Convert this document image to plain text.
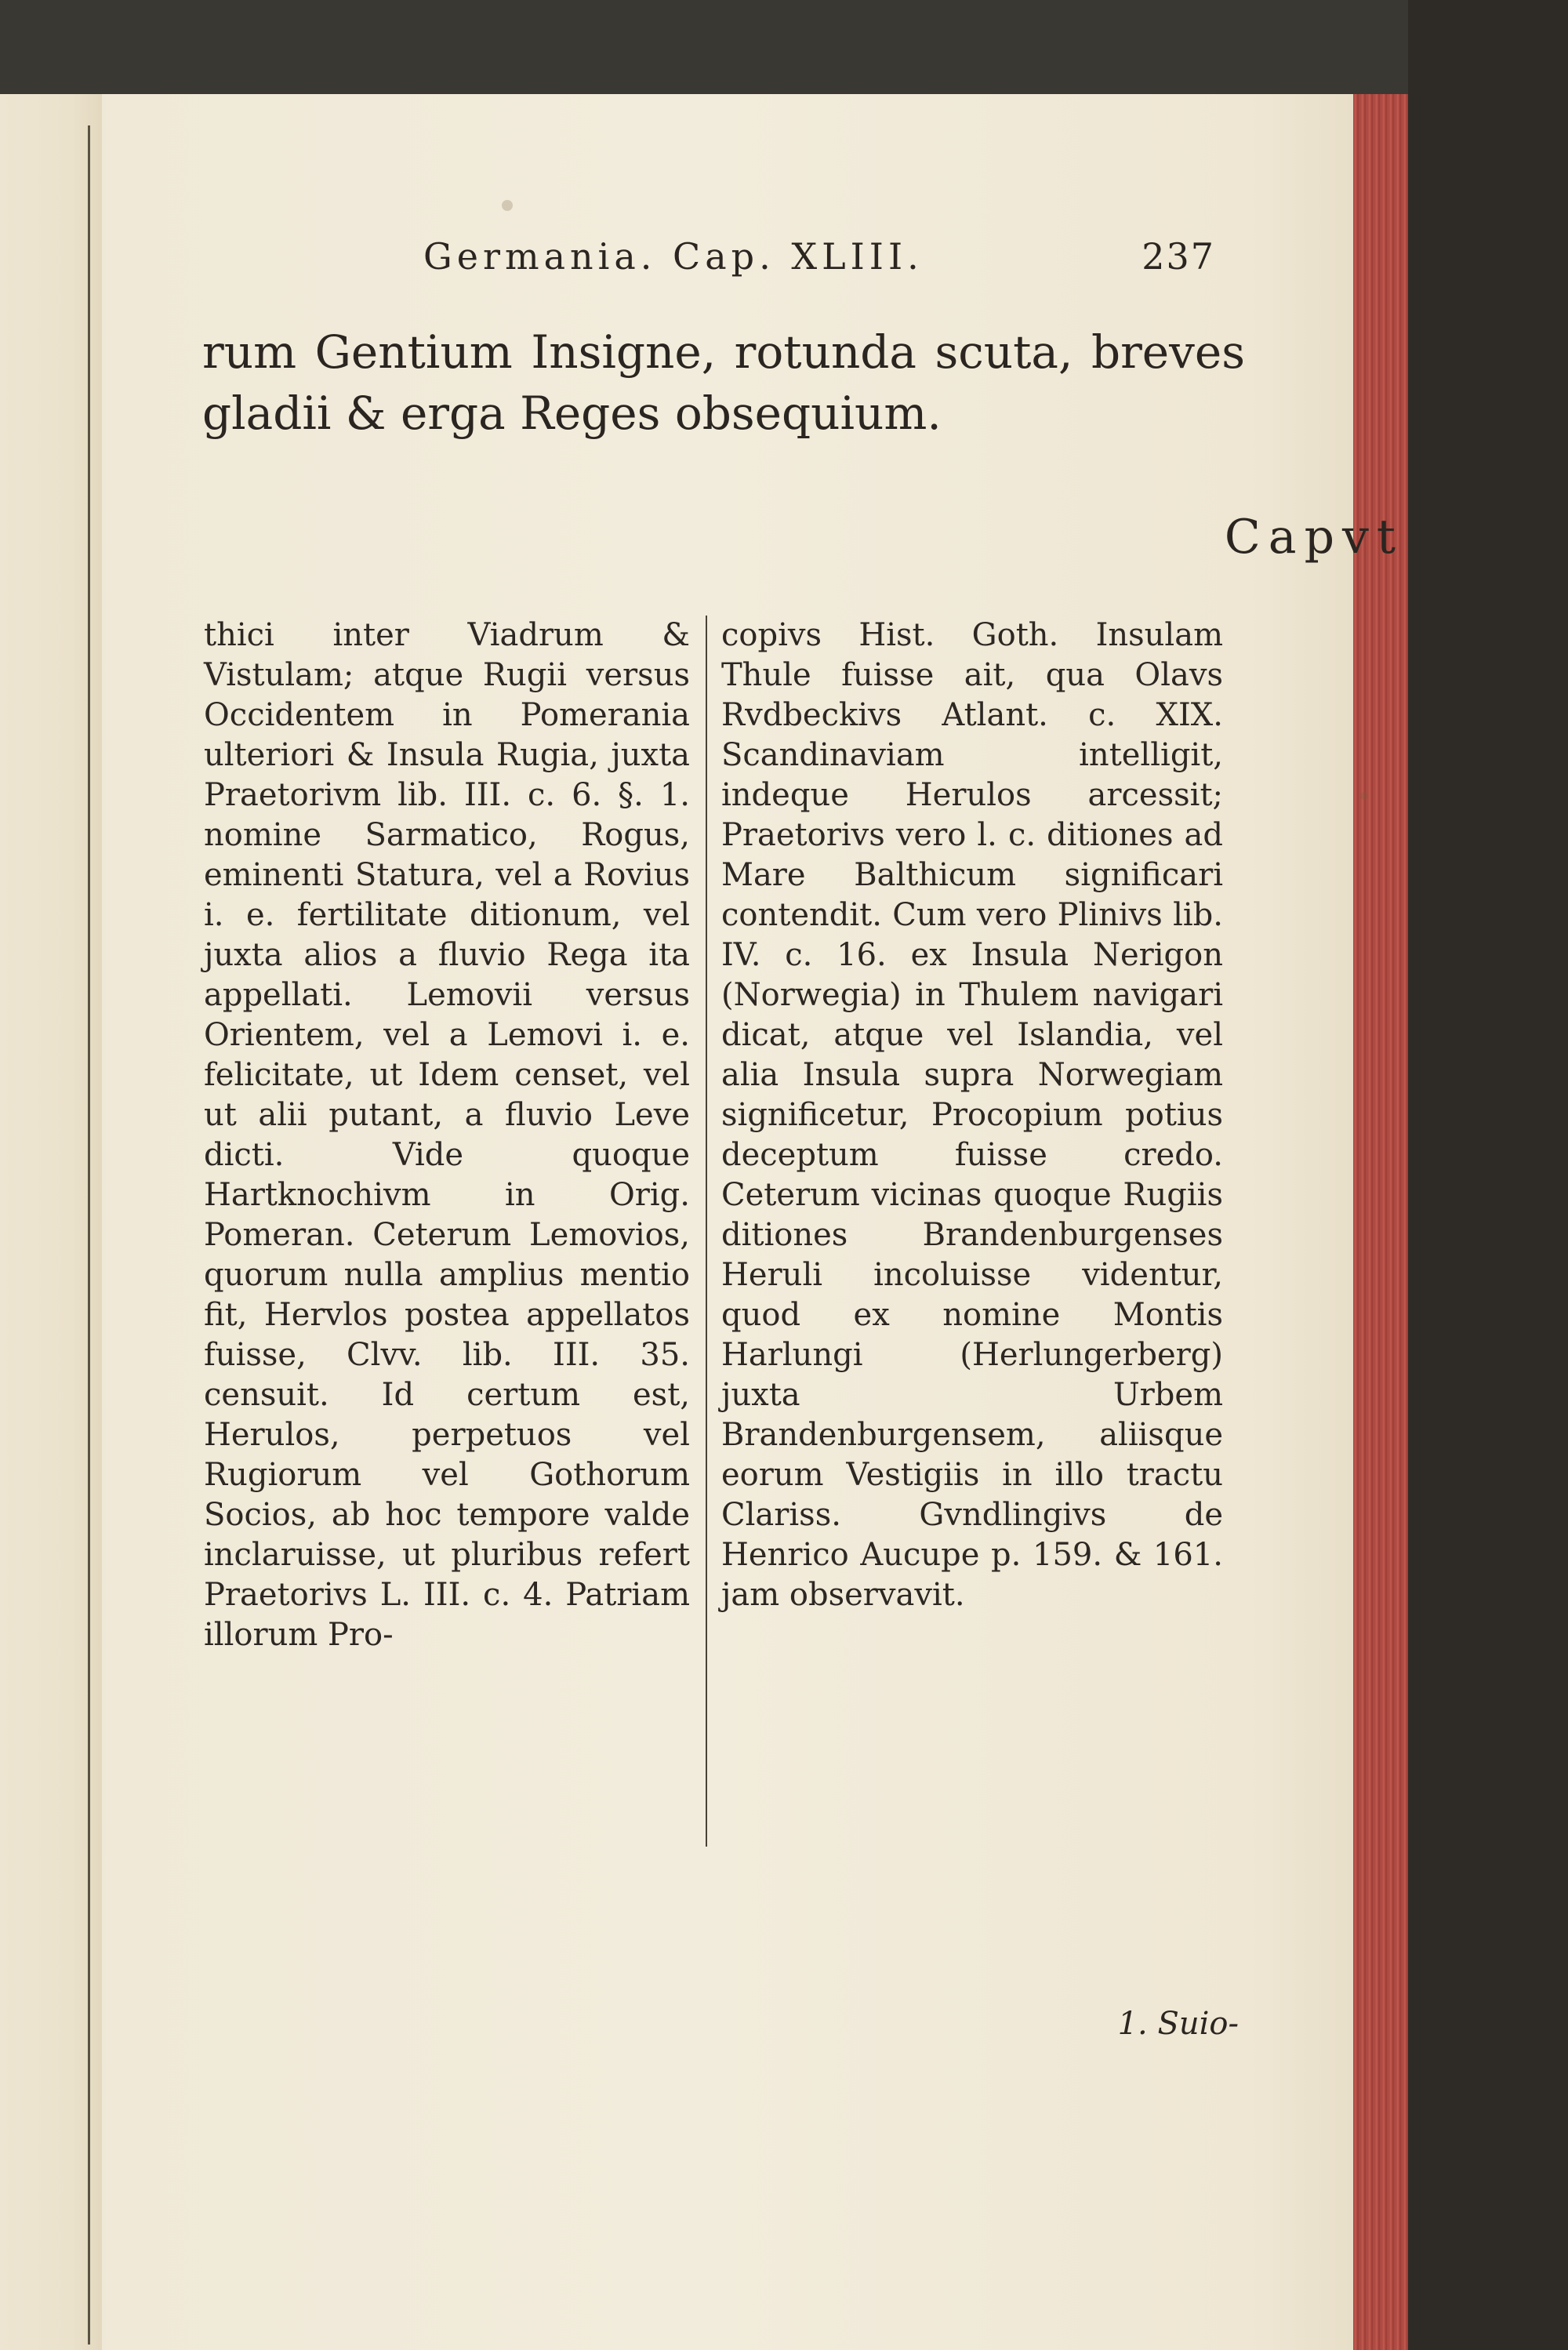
Germania. Cap. XLIII.	237
rum Gentium Insigne, rotunda scuta, breves gladii & erga Reges obsequium.
Capvt
thici inter Viadrum & Vistulam; atque Rugii versus Occidentem in Pomerania ulteriori & Insula Rugia, juxta Praetorivm lib. III. c. 6. §. 1. nomine Sarmatico, Rogus, eminenti Statura, vel a Rovius i. e. fertilitate ditionum, vel juxta alios a fluvio Rega ita appellati. Lemovii versus Orientem, vel a Lemovi i. e. felicitate, ut Idem censet, vel ut alii putant, a fluvio Leve dicti. Vide quoque Hartknochivm in Orig. Pomeran. Ceterum Lemovios, quorum nulla amplius mentio fit, Hervlos postea appellatos fuisse, Clvv. lib. III. 35. censuit. Id certum est, Herulos, perpetuos vel Rugiorum vel Gothorum Socios, ab hoc tempore valde inclaruisse, ut pluribus refert Praetorivs L. III. c. 4. Patriam illorum Pro-
copivs Hist. Goth. Insulam Thule fuisse ait, qua Olavs Rvdbeckivs Atlant. c. XIX. Scandinaviam intelligit, indeque Herulos arcessit; Praetorivs vero l. c. ditiones ad Mare Balthicum significari contendit. Cum vero Plinivs lib. IV. c. 16. ex Insula Nerigon (Norwegia) in Thulem navigari dicat, atque vel Islandia, vel alia Insula supra Norwegiam significetur, Procopium potius deceptum fuisse credo. Ceterum vicinas quoque Rugiis ditiones Brandenburgenses Heruli incoluisse videntur, quod ex nomine Montis Harlungi (Herlungerberg) juxta Urbem Brandenburgensem, aliisque eorum Vestigiis in illo tractu Clariss. Gvndlingivs de Henrico Aucupe p. 159. & 161. jam observavit.
1. Suio-
